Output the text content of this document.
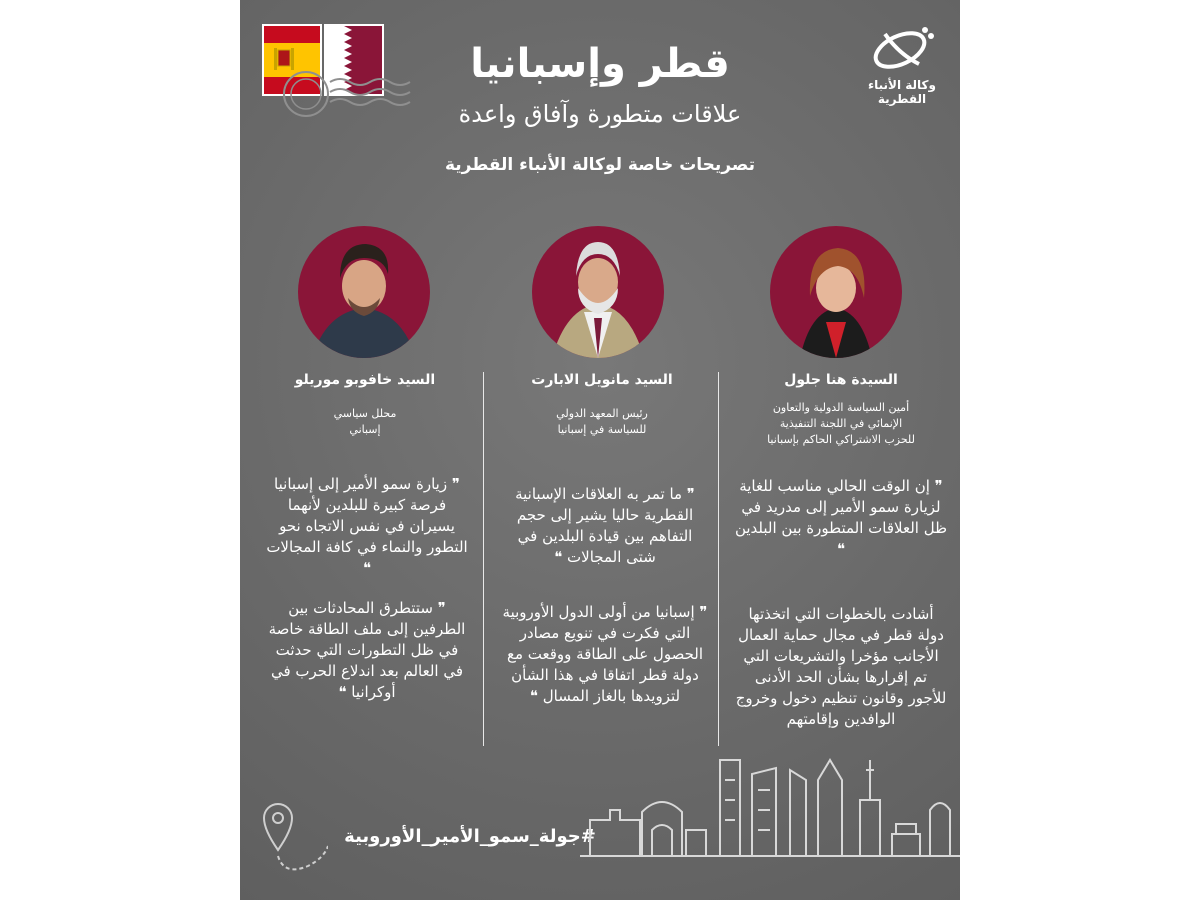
قطر وإسبانيا
علاقات متطورة وآفاق واعدة
تصريحات خاصة لوكالة الأنباء القطرية
وكالة الأنباء
القطرية
السيدة هنا جلول
أمين السياسة الدولية والتعاون
الإنمائي في اللجنة التنفيذية
للحزب الاشتراكي الحاكم بإسبانيا
❞ إن الوقت الحالي مناسب للغاية لزيارة سمو الأمير إلى مدريد في ظل العلاقات المتطورة بين البلدين ❝
أشادت بالخطوات التي اتخذتها دولة قطر في مجال حماية العمال الأجانب مؤخرا والتشريعات التي تم إقرارها بشأن الحد الأدنى للأجور وقانون تنظيم دخول وخروج الوافدين وإقامتهم
السيد مانويل الابارت
رئيس المعهد الدولي
للسياسة في إسبانيا
❞ ما تمر به العلاقات الإسبانية القطرية حاليا يشير إلى حجم التفاهم بين قيادة البلدين في شتى المجالات ❝
❞ إسبانيا من أولى الدول الأوروبية التي فكرت في تنويع مصادر الحصول على الطاقة ووقعت مع دولة قطر اتفاقا في هذا الشأن لتزويدها بالغاز المسال ❝
السيد خافوبو موريلو
محلل سياسي
إسباني
❞ زيارة سمو الأمير إلى إسبانيا فرصة كبيرة للبلدين لأنهما يسيران في نفس الاتجاه نحو التطور والنماء في كافة المجالات ❝
❞ ستتطرق المحادثات بين الطرفين إلى ملف الطاقة خاصة في ظل التطورات التي حدثت في العالم بعد اندلاع الحرب في أوكرانيا ❝
#جولة_سمو_الأمير_الأوروبية
